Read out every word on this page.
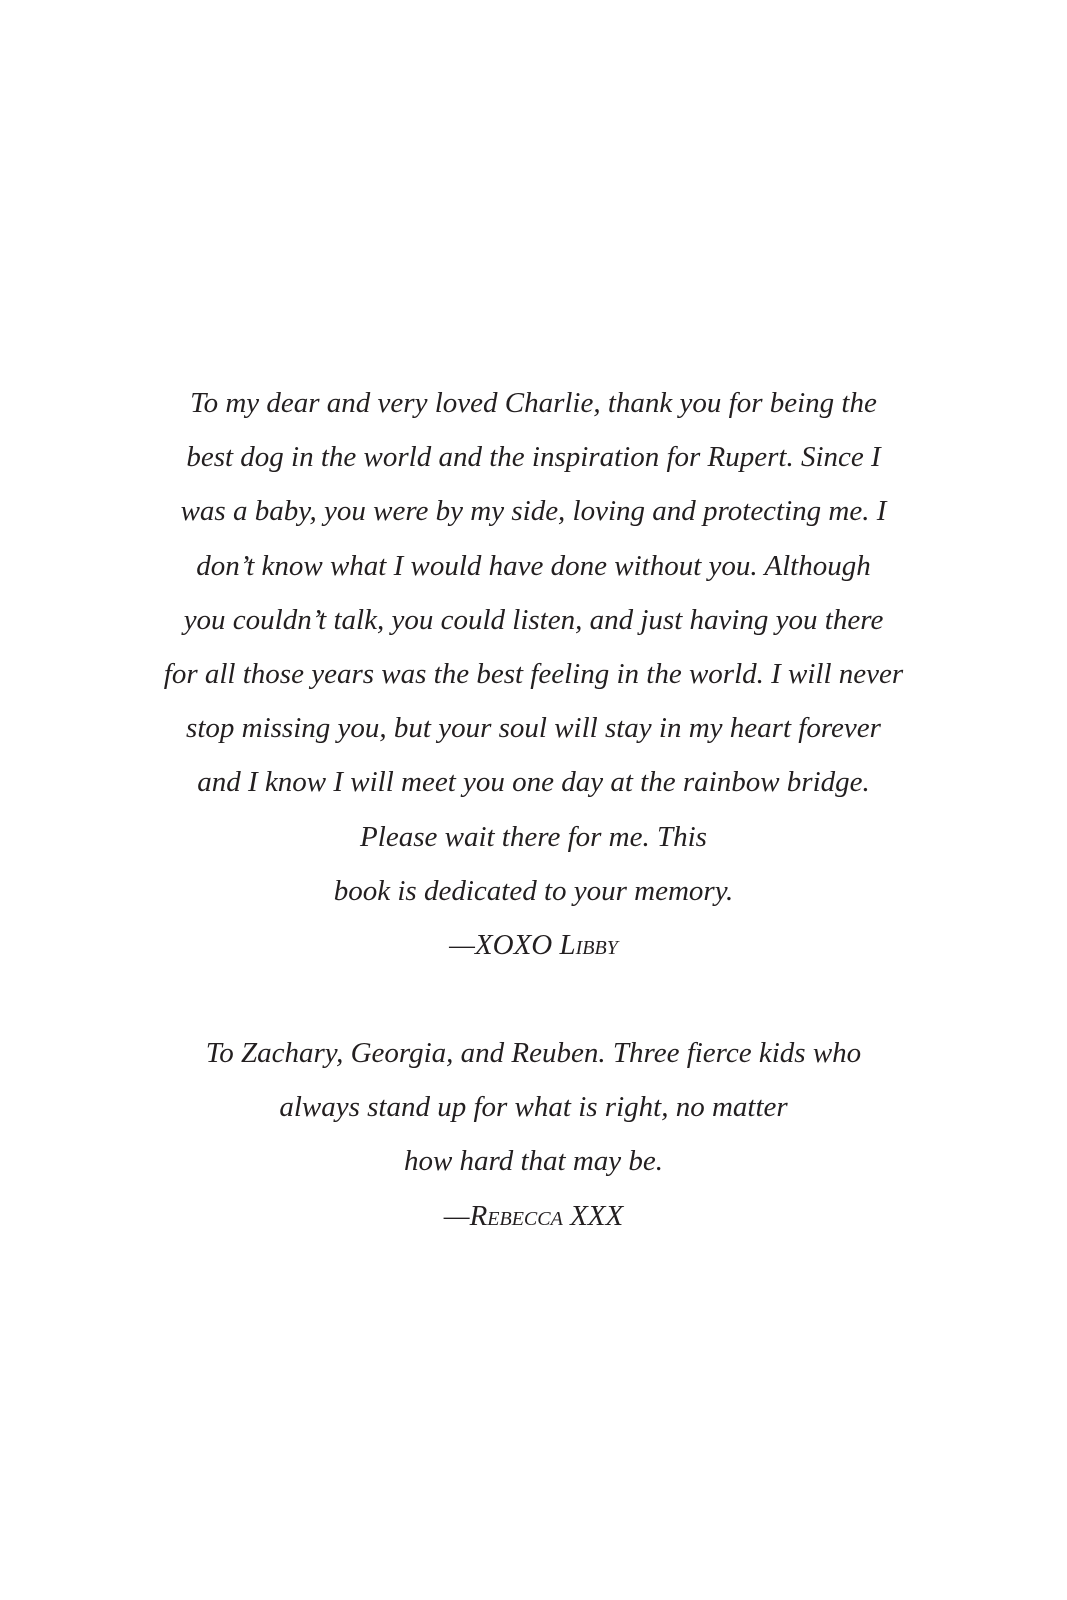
To my dear and very loved Charlie, thank you for being the
best dog in the world and the inspiration for Rupert. Since I
was a baby, you were by my side, loving and protecting me. I
don’t know what I would have done without you. Although
you couldn’t talk, you could listen, and just having you there
for all those years was the best feeling in the world. I will never
stop missing you, but your soul will stay in my heart forever
and I know I will meet you one day at the rainbow bridge.
Please wait there for me. This
book is dedicated to your memory.
—XOXO Libby
To Zachary, Georgia, and Reuben. Three fierce kids who
always stand up for what is right, no matter
how hard that may be.
—Rebecca XXX
